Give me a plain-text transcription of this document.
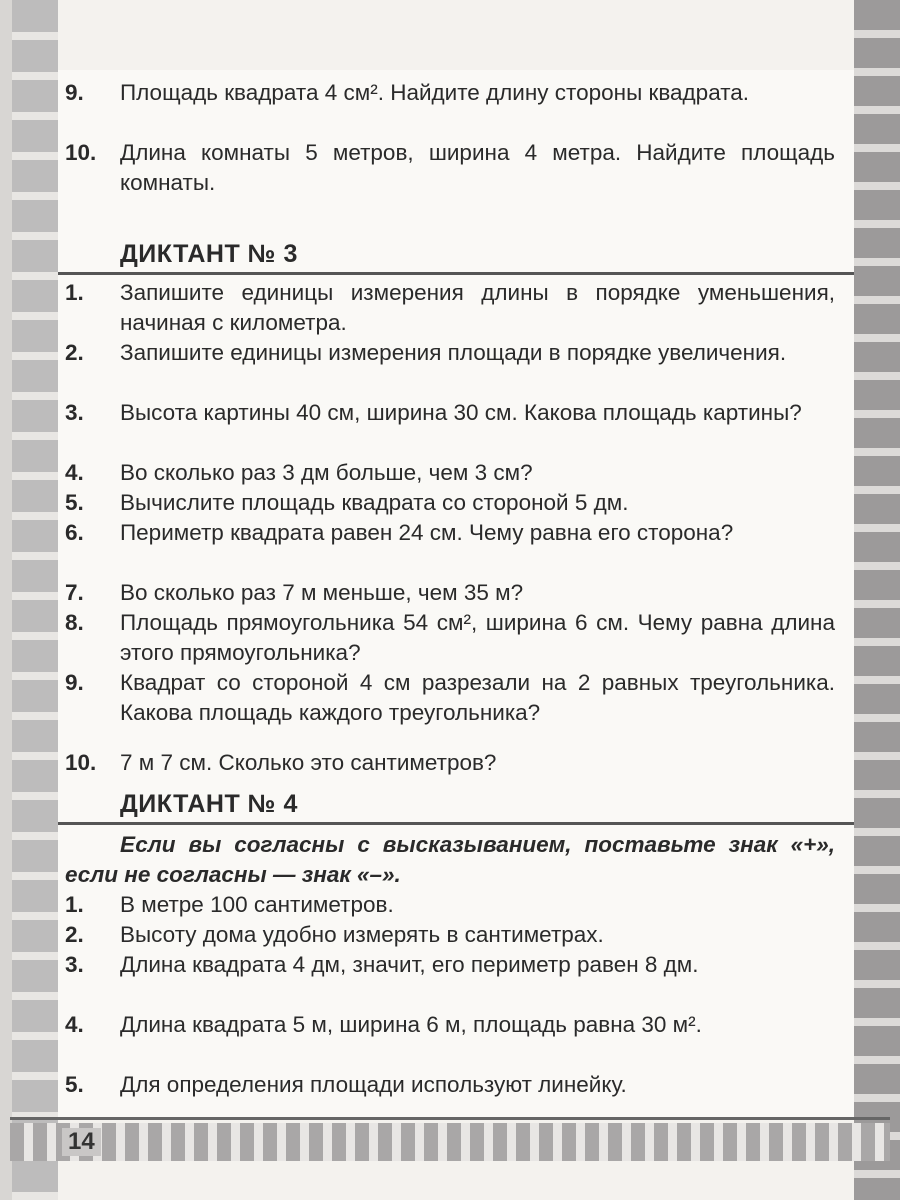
9.	Площадь квадрата 4 см². Найдите длину стороны квадрата.
10.	Длина комнаты 5 метров, ширина 4 метра. Найдите площадь комнаты.
ДИКТАНТ № 3
1.	Запишите единицы измерения длины в порядке уменьшения, начиная с километра.
2.	Запишите единицы измерения площади в порядке увеличения.
3.	Высота картины 40 см, ширина 30 см. Какова площадь картины?
4.	Во сколько раз 3 дм больше, чем 3 см?
5.	Вычислите площадь квадрата со стороной 5 дм.
6.	Периметр квадрата равен 24 см. Чему равна его сторона?
7.	Во сколько раз 7 м меньше, чем 35 м?
8.	Площадь прямоугольника 54 см², ширина 6 см. Чему равна длина этого прямоугольника?
9.	Квадрат со стороной 4 см разрезали на 2 равных треугольника. Какова площадь каждого треугольника?
10.	7 м 7 см. Сколько это сантиметров?
ДИКТАНТ № 4
Если вы согласны с высказыванием, поставьте знак «+», если не согласны — знак «–».
1.	В метре 100 сантиметров.
2.	Высоту дома удобно измерять в сантиметрах.
3.	Длина квадрата 4 дм, значит, его периметр равен 8 дм.
4.	Длина квадрата 5 м, ширина 6 м, площадь равна 30 м².
5.	Для определения площади используют линейку.
14
